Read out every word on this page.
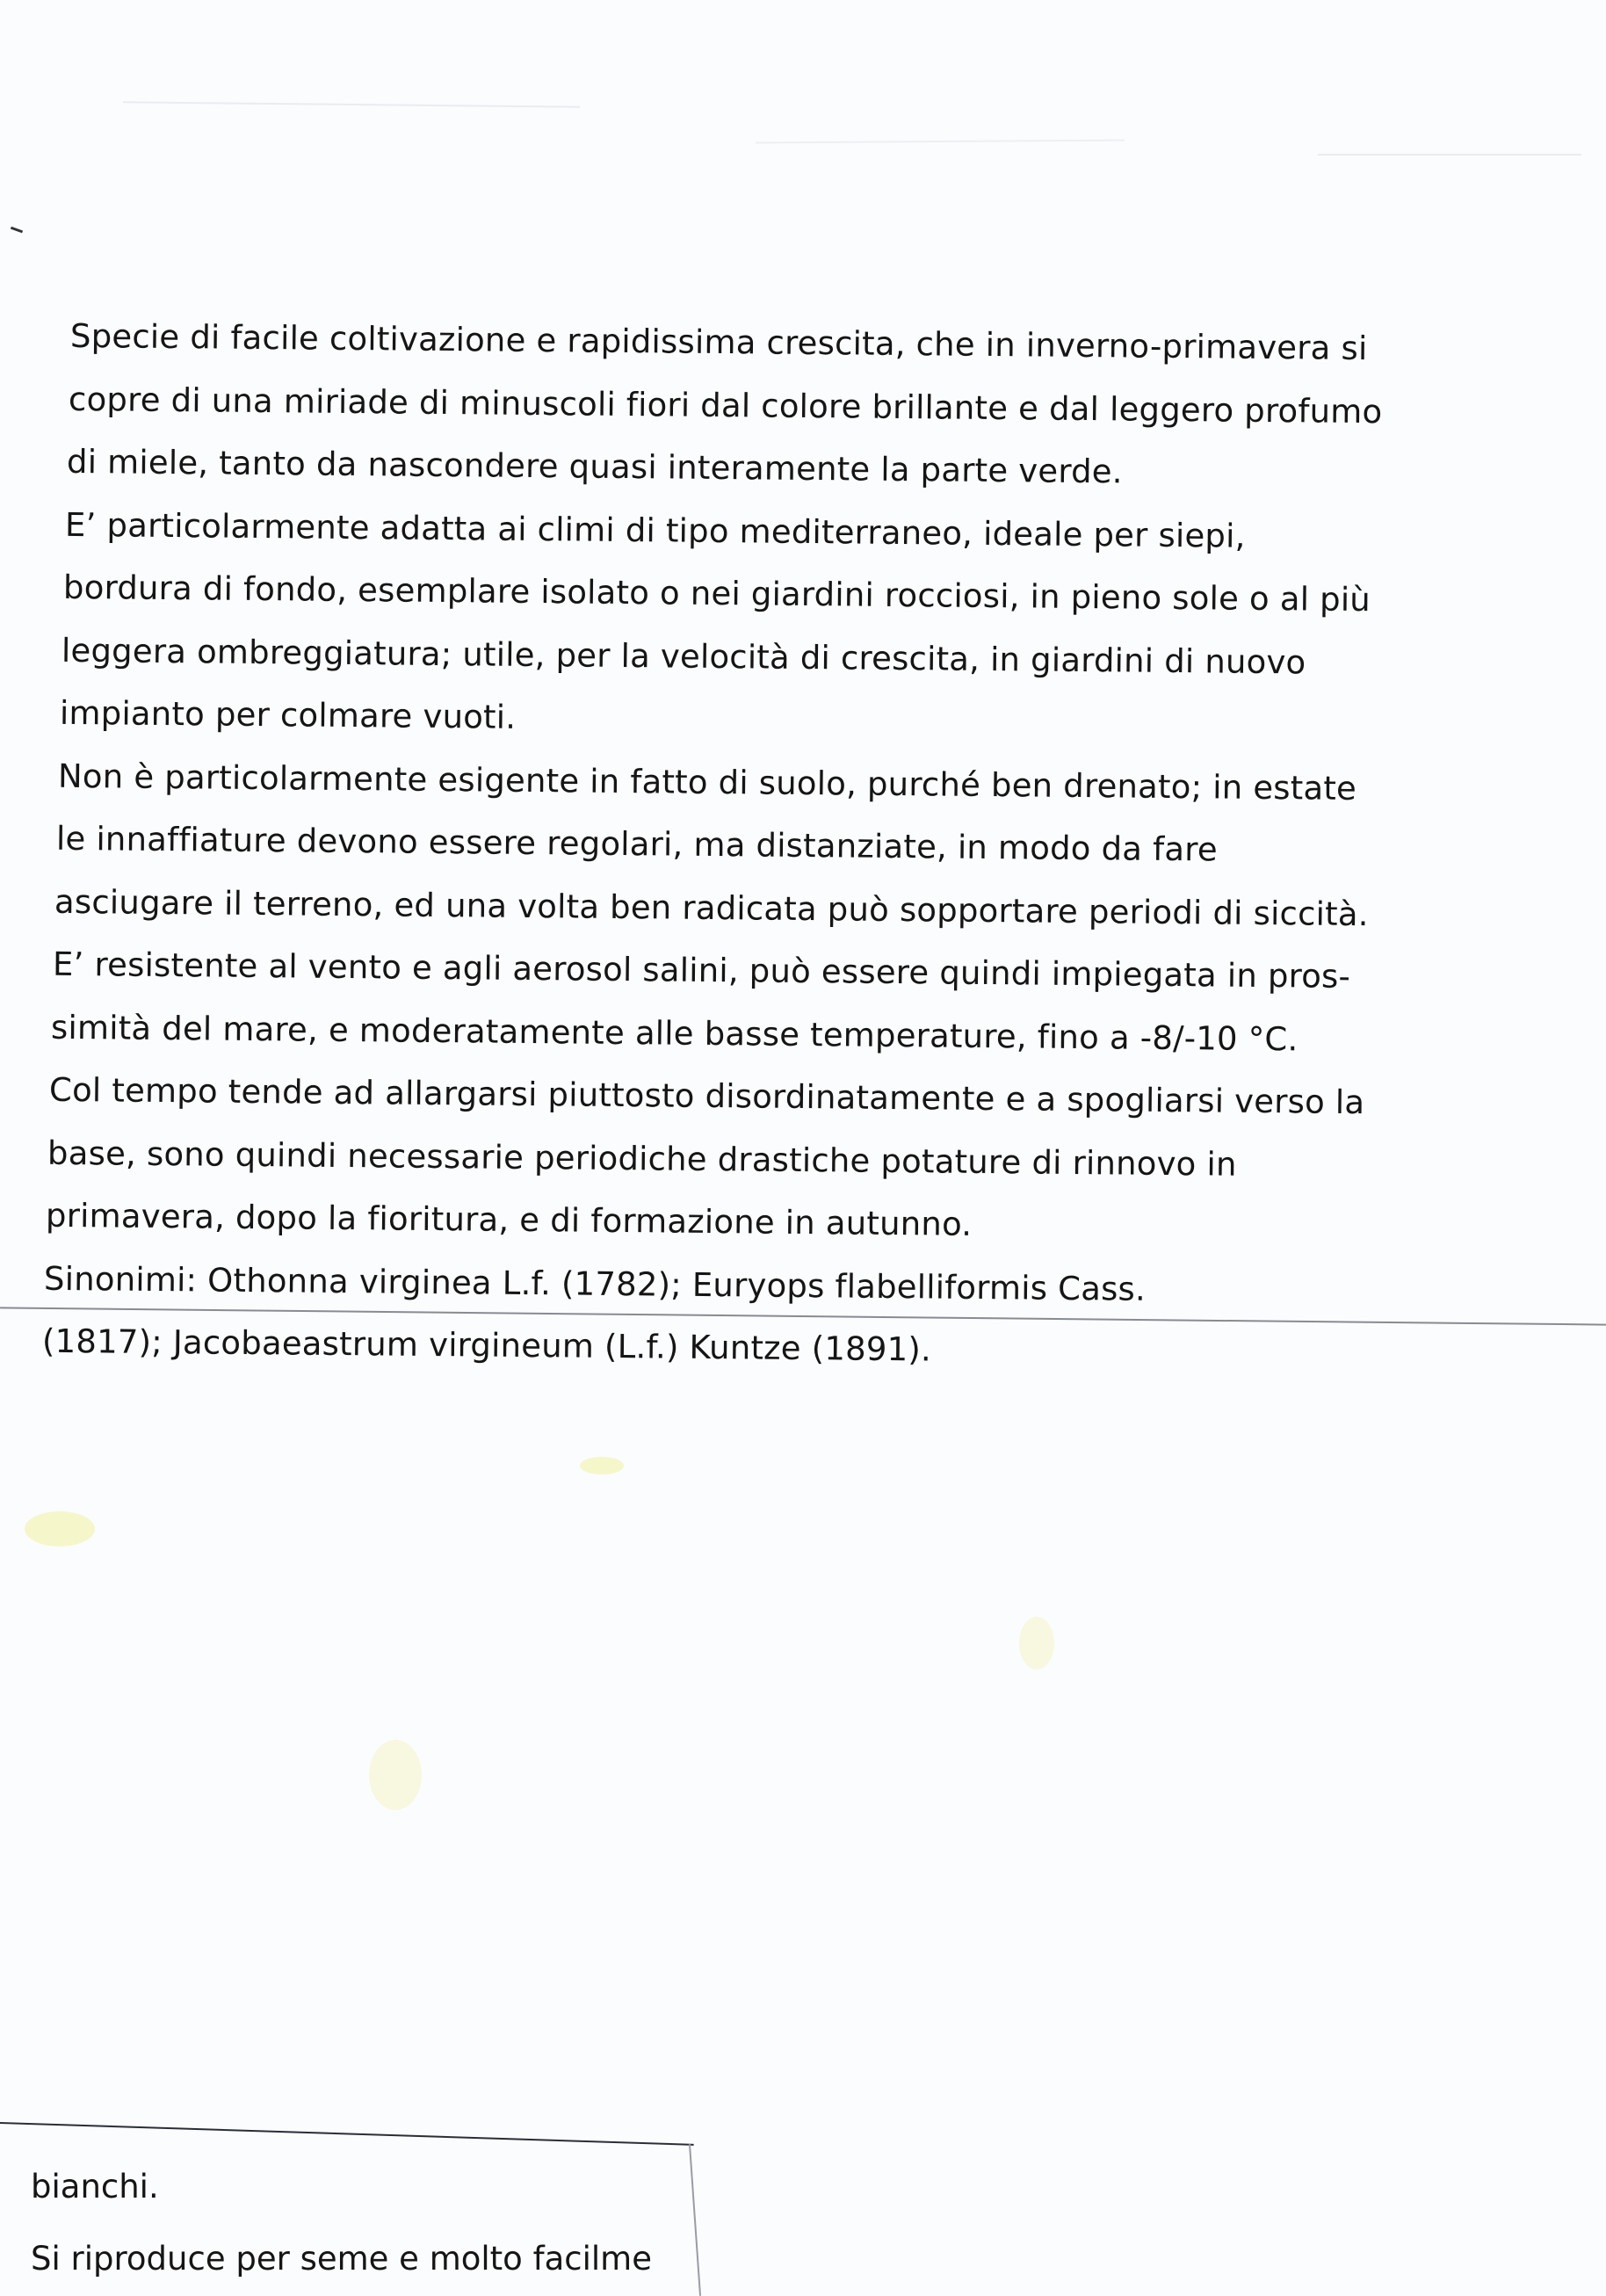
Specie di facile coltivazione e rapidissima crescita, che in inverno-primavera si
copre di una miriade di minuscoli fiori dal colore brillante e dal leggero profumo
di miele, tanto da nascondere quasi interamente la parte verde.
E’ particolarmente adatta ai climi di tipo mediterraneo, ideale per siepi,
bordura di fondo, esemplare isolato o nei giardini rocciosi, in pieno sole o al più
leggera ombreggiatura; utile, per la velocità di crescita, in giardini di nuovo
impianto per colmare vuoti.
Non è particolarmente esigente in fatto di suolo, purché ben drenato; in estate
le innaffiature devono essere regolari, ma distanziate, in modo da fare
asciugare il terreno, ed una volta ben radicata può sopportare periodi di siccità.
E’ resistente al vento e agli aerosol salini, può essere quindi impiegata in pros-
simità del mare, e moderatamente alle basse temperature, fino a -8/-10 °C.
Col tempo tende ad allargarsi piuttosto disordinatamente e a spogliarsi verso la
base, sono quindi necessarie periodiche drastiche potature di rinnovo in
primavera, dopo la fioritura, e di formazione in autunno.
Sinonimi: Othonna virginea L.f. (1782); Euryops flabelliformis Cass.
(1817); Jacobaeastrum virgineum (L.f.) Kuntze (1891).
bianchi.
Si riproduce per seme e molto facilme
